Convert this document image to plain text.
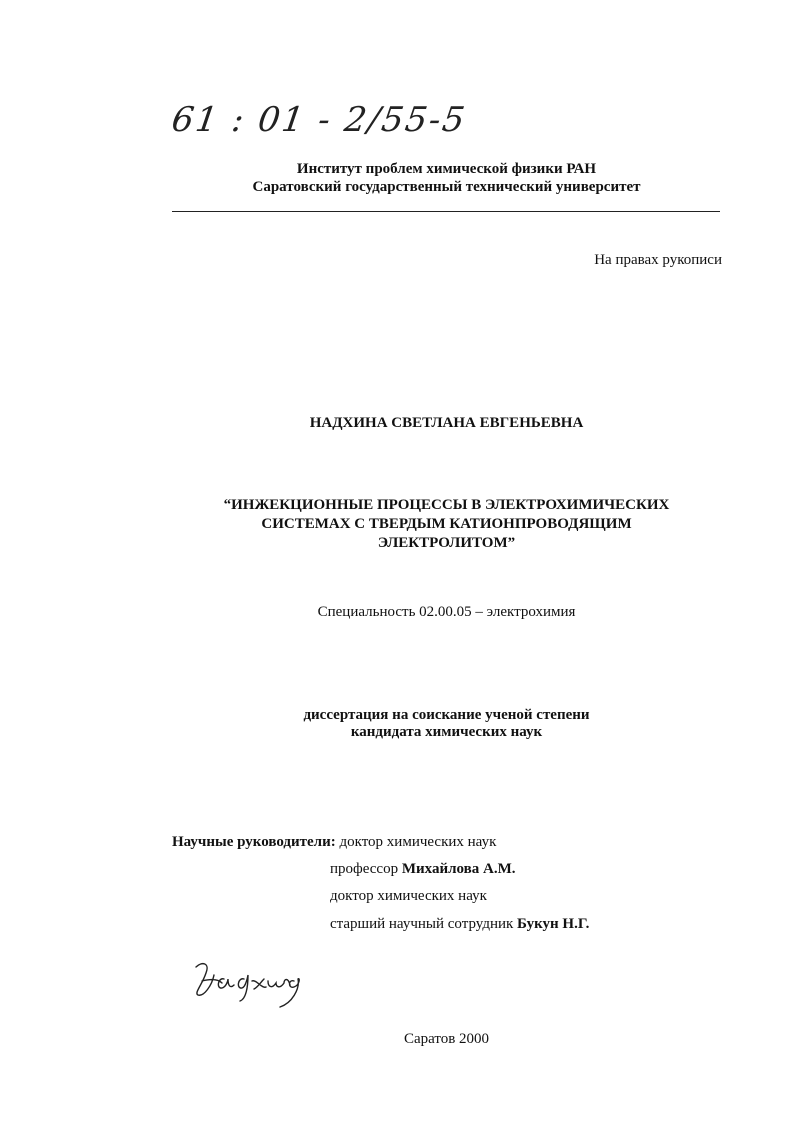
61 : 01 - 2/55-5
Институт проблем химической физики РАН
Саратовский государственный технический университет
На правах рукописи
НАДХИНА СВЕТЛАНА ЕВГЕНЬЕВНА
“ИНЖЕКЦИОННЫЕ ПРОЦЕССЫ В ЭЛЕКТРОХИМИЧЕСКИХ
СИСТЕМАХ С ТВЕРДЫМ КАТИОНПРОВОДЯЩИМ
ЭЛЕКТРОЛИТОМ”
Специальность 02.00.05 – электрохимия
диссертация на соискание ученой степени
кандидата химических наук
Научные руководители: доктор химических наук
профессор Михайлова А.М.
доктор химических наук
старший научный сотрудник Букун Н.Г.
Саратов 2000
